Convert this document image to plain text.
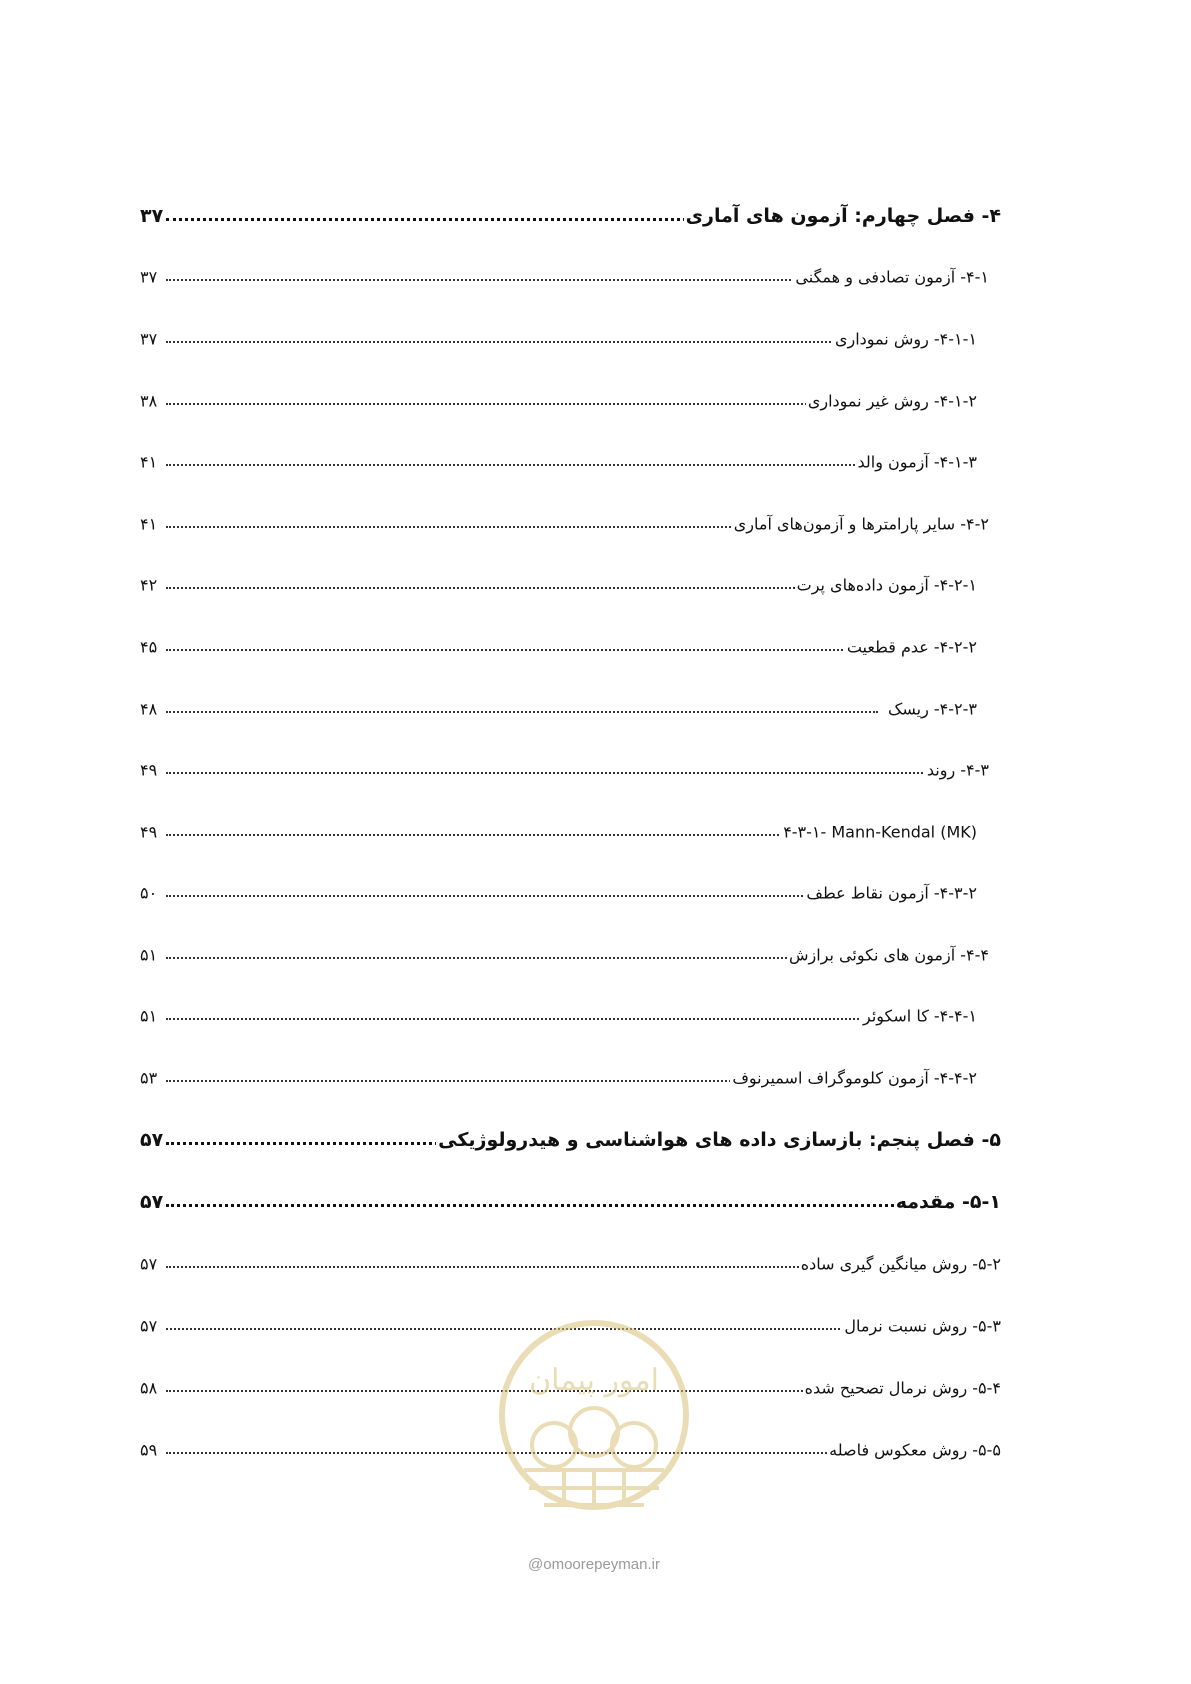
۴- فصل چهارم: آزمون های آماری
۳۷
۴-۱- آزمون تصادفی و همگنی
۳۷
۴-۱-۱- روش نموداری
۳۷
۴-۱-۲- روش غیر نموداری
۳۸
۴-۱-۳- آزمون والد
۴۱
۴-۲- سایر پارامترها و آزمون‌های آماری
۴۱
۴-۲-۱- آزمون داده‌های پرت
۴۲
۴-۲-۲- عدم قطعیت
۴۵
۴-۲-۳- ریسک
۴۸
۴-۳- روند
۴۹
۴-۳-۱- Mann-Kendal (MK)
۴۹
۴-۳-۲- آزمون نقاط عطف
۵۰
۴-۴- آزمون های نکوئی برازش
۵۱
۴-۴-۱- کا اسکوئر
۵۱
۴-۴-۲- آزمون کلوموگراف اسمیرنوف
۵۳
۵- فصل پنجم: بازسازی داده های هواشناسی و هیدرولوژیکی
۵۷
۵-۱- مقدمه
۵۷
۵-۲- روش میانگین گیری ساده
۵۷
۵-۳- روش نسبت نرمال
۵۷
۵-۴- روش نرمال تصحیح شده
۵۸
۵-۵- روش معکوس فاصله
۵۹
امور پیمان
@omoorepeyman.ir
